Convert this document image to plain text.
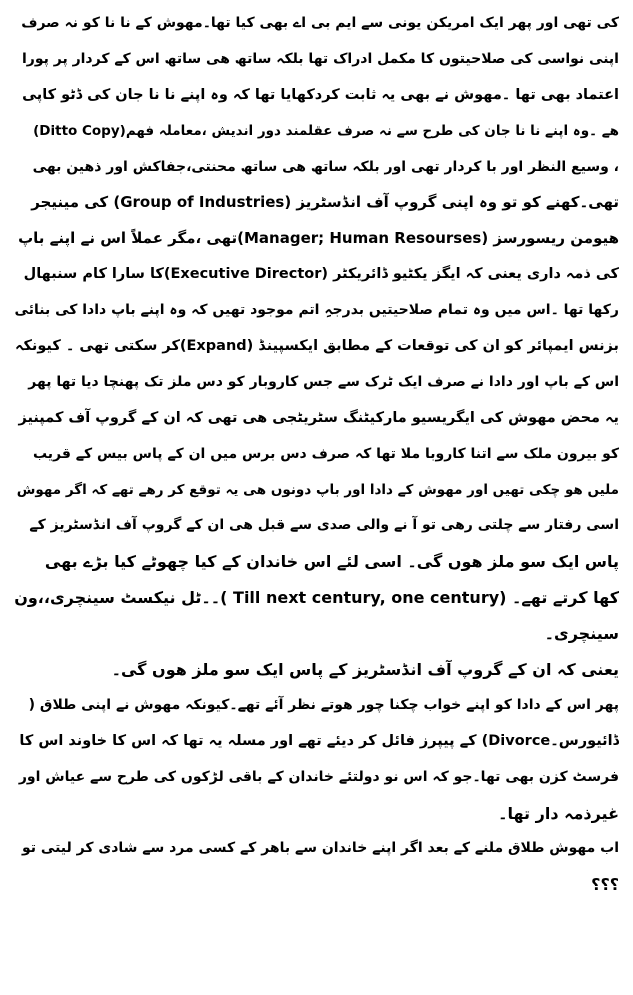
کی تھی اور پھر ایک امریکن یونی سے ایم بی اے بھی کیا تھا۔مھوش کے نا نا کو نہ صرف
اپنی نواسی کی صلاحیتوں کا مکمل ادراک تھا بلکہ ساتھ ھی ساتھ اس کے کردار پر پورا
اعتماد بھی تھا ۔مھوش نے بھی یہ ثابت کردکھایا تھا کہ وہ اپنے نا نا جان کی ڈٹو کاپی
(Ditto Copy)ھے ۔وہ اپنے نا نا جان کی طرح سے نہ صرف عقلمند دور اندیش ،معاملہ فھم
، وسیع النظر اور با کردار تھی اور بلکہ ساتھ ھی ساتھ محنتی،جفاکش اور ذھین بھی
تھی۔کھنے کو تو وہ اپنی گروپ آف انڈسٹریز (Group of Industries) کی مینیجر
ھیومن ریسورسز (Manager; Human Resourses)تھی ،مگر عملاً اس نے اپنے باپ
کی ذمہ داری یعنی کہ ایگز یکٹیو ڈائریکٹر (Executive Director)کا سارا کام سنبھال
رکھا تھا ۔اس میں وہ تمام صلاحیتیں بدرجہِ اتم موجود تھیں کہ وہ اپنے باپ دادا کی بنائی
بزنس ایمپائر کو ان کی توقعات کے مطابق ایکسپینڈ (Expand)کر سکتی تھی ۔ کیونکہ
اس کے باپ اور دادا نے صرف ایک ٹرک سے جس کاروبار کو دس ملز تک پھنچا دیا تھا پھر
یہ محض مھوش کی ایگریسیو مارکیٹنگ سٹریٹجی ھی تھی کہ ان کے گروپ آف کمپنیز
کو بیرون ملک سے اتنا کاروبا ملا تھا کہ صرف دس برس میں ان کے پاس بیس کے قریب
ملیں ھو چکی تھیں اور مھوش کے دادا اور باپ دونوں ھی یہ توقع کر رھے تھے کہ اگر مھوش
اسی رفتار سے چلتی رھی تو آ نے والی صدی سے قبل ھی ان کے گروپ آف انڈسٹریز کے
پاس ایک سو ملز ھوں گی۔ اسی لئے اس خاندان کے کیا چھوٹے کیا بڑے بھی
کھا کرتے تھے۔ (Till next century, one century )۔۔ٹل نیکسٹ سینچری،،ون
سینچری۔
یعنی کہ ان کے گروپ آف انڈسٹریز کے پاس ایک سو ملز ھوں گی۔
پھر اس کے دادا کو اپنے خواب چکنا چور ھوتے نظر آئے تھے۔کیونکہ مھوش نے اپنی طلاق (
ڈائیورس۔Divorce) کے پیپرز فائل کر دیئے تھے اور مسلہ یہ تھا کہ اس کا خاوند اس کا
فرسٹ کزن بھی تھا۔جو کہ اس نو دولتئے خاندان کے باقی لڑکوں کی طرح سے عیاش اور
غیرذمہ دار تھا۔
اب مھوش طلاق ملنے کے بعد اگر اپنے خاندان سے باھر کے کسی مرد سے شادی کر لیتی تو
؟؟؟
